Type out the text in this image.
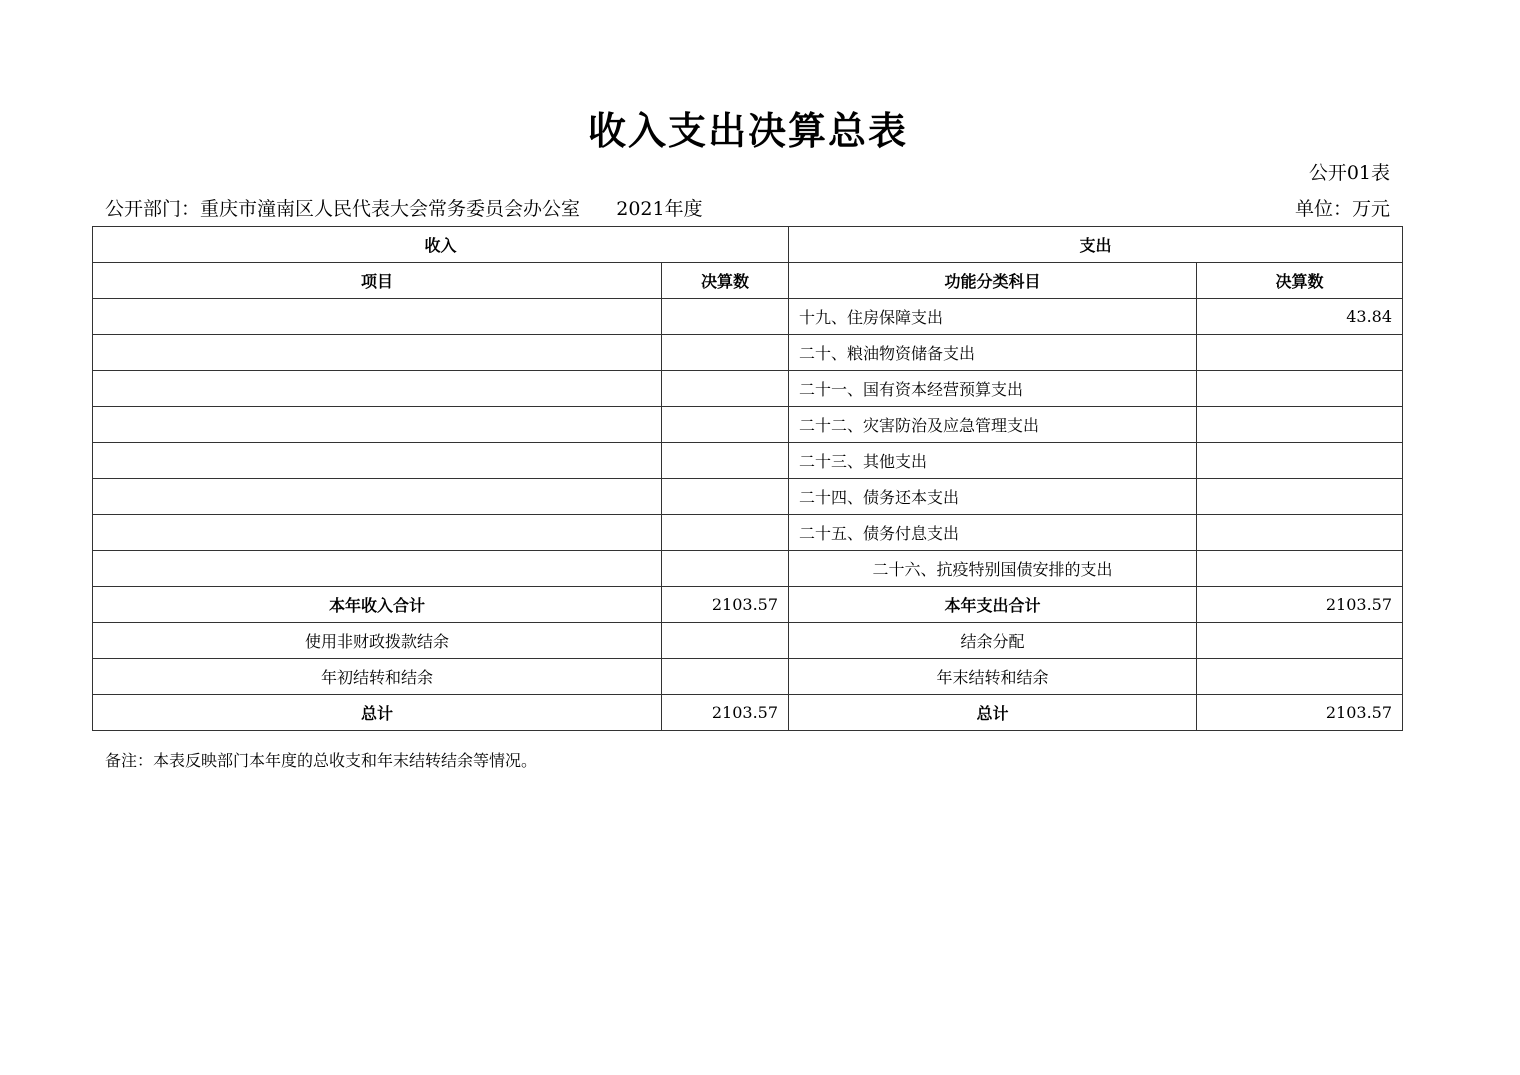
收入支出决算总表
公开01表
公开部门：重庆市潼南区人民代表大会常务委员会办公室      2021年度	单位：万元
收入		支出	
项目	决算数	功能分类科目	决算数
		十九、住房保障支出	43.84
		二十、粮油物资储备支出	
		二十一、国有资本经营预算支出	
		二十二、灾害防治及应急管理支出	
		二十三、其他支出	
		二十四、债务还本支出	
		二十五、债务付息支出	
		二十六、抗疫特别国债安排的支出	
本年收入合计	2103.57	本年支出合计	2103.57
使用非财政拨款结余		结余分配	
年初结转和结余		年末结转和结余	
总计	2103.57	总计	2103.57
备注：本表反映部门本年度的总收支和年末结转结余等情况。
